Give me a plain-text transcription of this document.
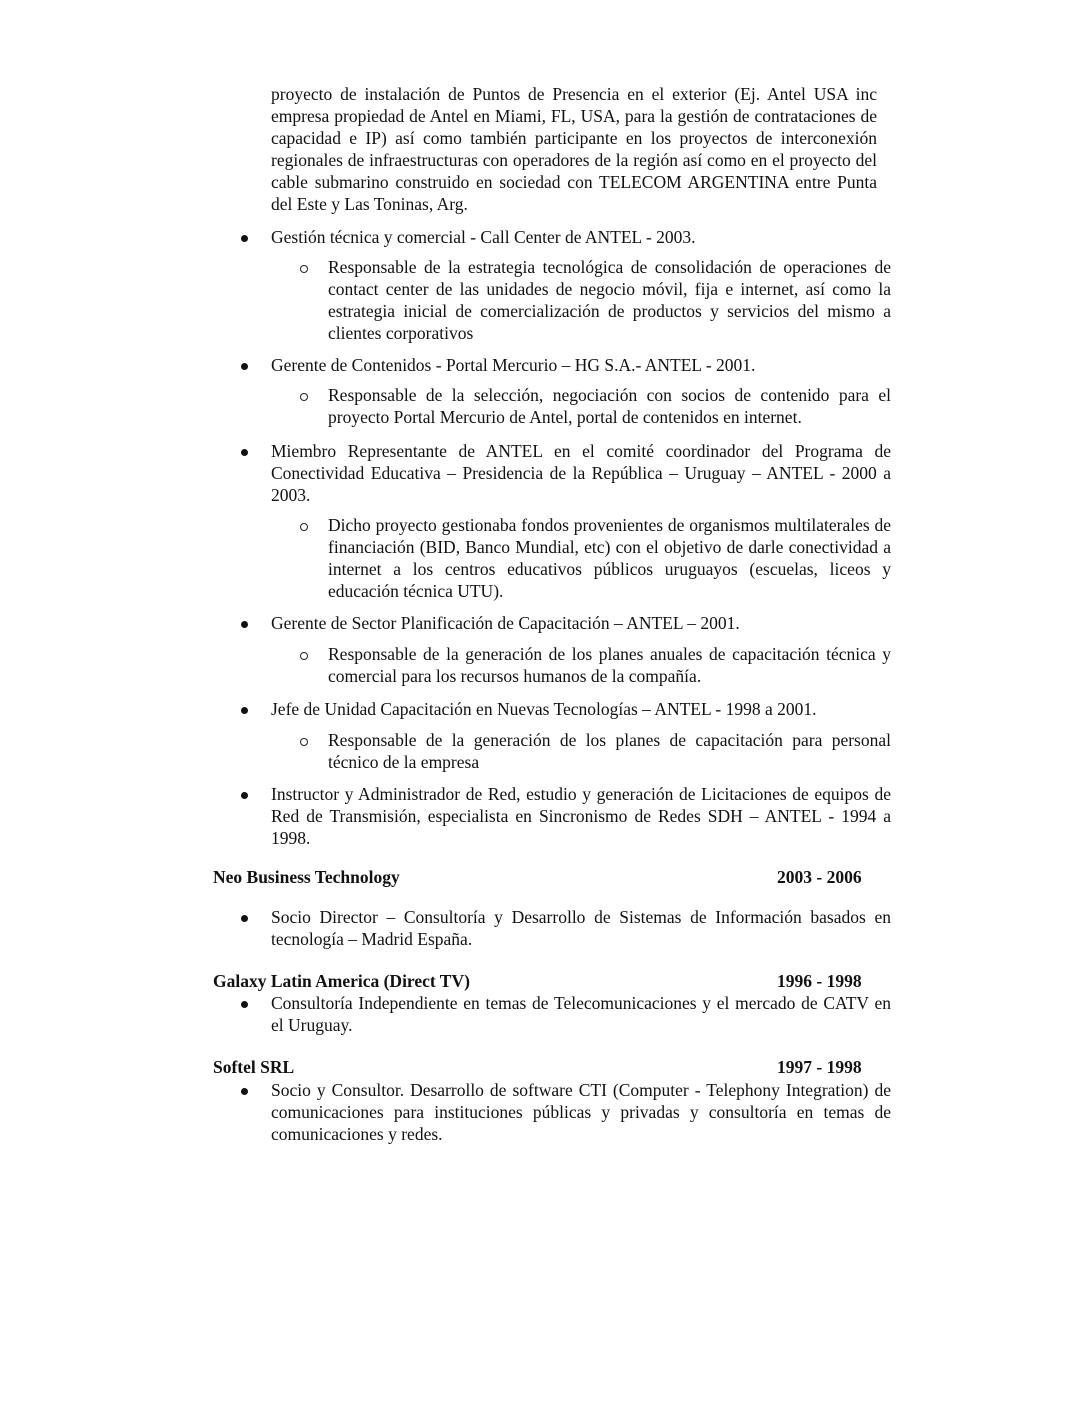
proyecto de instalación de Puntos de Presencia en el exterior (Ej. Antel USA inc empresa propiedad de Antel en Miami, FL, USA, para la gestión de contrataciones de capacidad e IP) así como también participante en los proyectos de interconexión regionales de infraestructuras con operadores de la región así como en el proyecto del cable submarino construido en sociedad con TELECOM ARGENTINA entre Punta del Este y Las Toninas, Arg.
Gestión técnica y comercial - Call Center de ANTEL - 2003.
Responsable de la estrategia tecnológica de consolidación de operaciones de contact center de las unidades de negocio móvil, fija e internet, así como la estrategia inicial de comercialización de productos y servicios del mismo a clientes corporativos
Gerente de Contenidos - Portal Mercurio – HG S.A.- ANTEL - 2001.
Responsable de la selección, negociación con socios de contenido para el proyecto Portal Mercurio de Antel, portal de contenidos en internet.
Miembro Representante de ANTEL en el comité coordinador del Programa de Conectividad Educativa – Presidencia de la República – Uruguay – ANTEL - 2000 a 2003.
Dicho proyecto gestionaba fondos provenientes de organismos multilaterales de financiación (BID, Banco Mundial, etc) con el objetivo de darle conectividad a internet a los centros educativos públicos uruguayos (escuelas, liceos y educación técnica UTU).
Gerente de Sector Planificación de Capacitación – ANTEL – 2001.
Responsable de la generación de los planes anuales de capacitación técnica y comercial para los recursos humanos de la compañía.
Jefe de Unidad Capacitación en Nuevas Tecnologías – ANTEL - 1998 a 2001.
Responsable de la generación de los planes de capacitación para personal técnico de la empresa
Instructor y Administrador de Red, estudio y generación de Licitaciones de equipos de Red de Transmisión, especialista en Sincronismo de Redes SDH – ANTEL - 1994 a 1998.
Neo Business Technology	2003 - 2006
Socio Director – Consultoría y Desarrollo de Sistemas de Información basados en tecnología – Madrid España.
Galaxy Latin America (Direct TV)	1996 - 1998
Consultoría Independiente en temas de Telecomunicaciones y el mercado de CATV en el Uruguay.
Softel SRL	1997 - 1998
Socio y Consultor. Desarrollo de software CTI (Computer - Telephony Integration) de comunicaciones para instituciones públicas y privadas y consultoría en temas de comunicaciones y redes.
